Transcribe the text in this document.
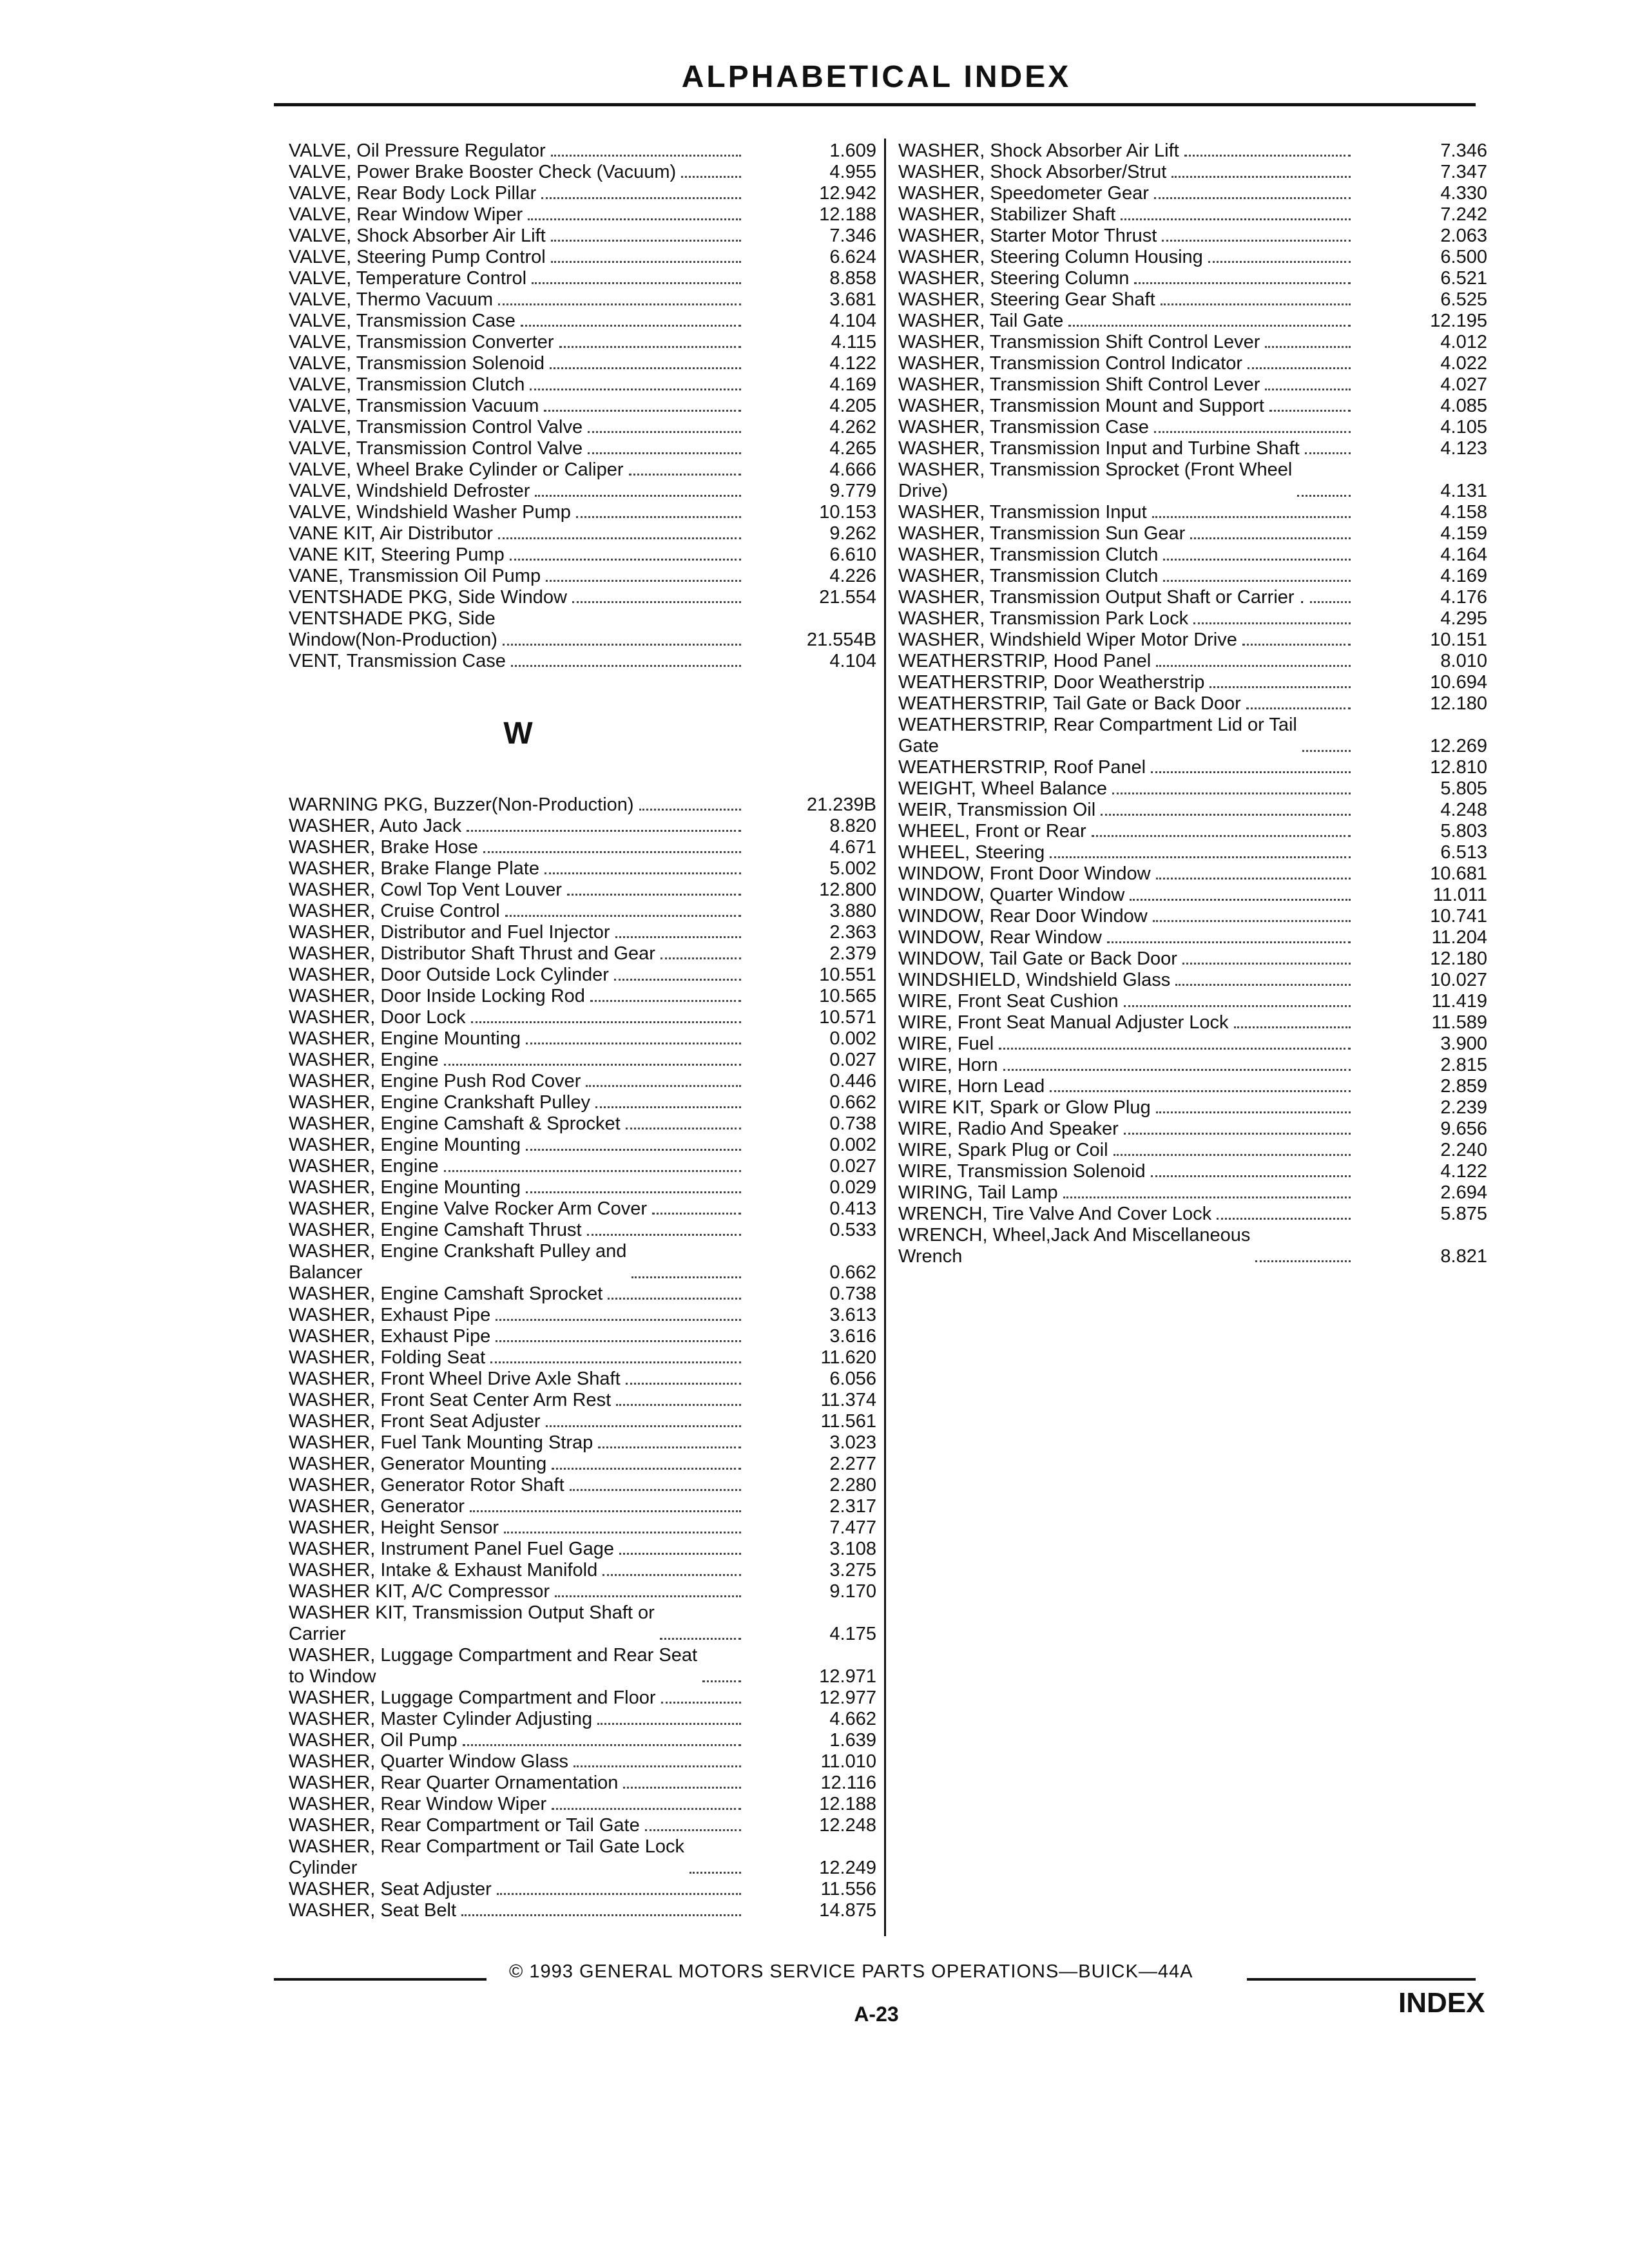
ALPHABETICAL INDEX
VALVE, Oil Pressure Regulator	1.609
VALVE, Power Brake Booster Check (Vacuum)	4.955
VALVE, Rear Body Lock Pillar	12.942
VALVE, Rear Window Wiper	12.188
VALVE, Shock Absorber Air Lift	7.346
VALVE, Steering Pump Control	6.624
VALVE, Temperature Control	8.858
VALVE, Thermo Vacuum	3.681
VALVE, Transmission Case	4.104
VALVE, Transmission Converter	4.115
VALVE, Transmission Solenoid	4.122
VALVE, Transmission Clutch	4.169
VALVE, Transmission Vacuum	4.205
VALVE, Transmission Control Valve	4.262
VALVE, Transmission Control Valve	4.265
VALVE, Wheel Brake Cylinder or Caliper	4.666
VALVE, Windshield Defroster	9.779
VALVE, Windshield Washer Pump	10.153
VANE KIT, Air Distributor	9.262
VANE KIT, Steering Pump	6.610
VANE, Transmission Oil Pump	4.226
VENTSHADE PKG, Side Window	21.554
VENTSHADE PKG, Side
Window(Non-Production)	21.554B
VENT, Transmission Case	4.104
W
WARNING PKG, Buzzer(Non-Production)	21.239B
WASHER, Auto Jack	8.820
WASHER, Brake Hose	4.671
WASHER, Brake Flange Plate	5.002
WASHER, Cowl Top Vent Louver	12.800
WASHER, Cruise Control	3.880
WASHER, Distributor and Fuel Injector	2.363
WASHER, Distributor Shaft Thrust and Gear	2.379
WASHER, Door Outside Lock Cylinder	10.551
WASHER, Door Inside Locking Rod	10.565
WASHER, Door Lock	10.571
WASHER, Engine Mounting	0.002
WASHER, Engine	0.027
WASHER, Engine Push Rod Cover	0.446
WASHER, Engine Crankshaft Pulley	0.662
WASHER, Engine Camshaft & Sprocket	0.738
WASHER, Engine Mounting	0.002
WASHER, Engine	0.027
WASHER, Engine Mounting	0.029
WASHER, Engine Valve Rocker Arm Cover	0.413
WASHER, Engine Camshaft Thrust	0.533
WASHER, Engine Crankshaft Pulley and
Balancer	0.662
WASHER, Engine Camshaft Sprocket	0.738
WASHER, Exhaust Pipe	3.613
WASHER, Exhaust Pipe	3.616
WASHER, Folding Seat	11.620
WASHER, Front Wheel Drive Axle Shaft	6.056
WASHER, Front Seat Center Arm Rest	11.374
WASHER, Front Seat Adjuster	11.561
WASHER, Fuel Tank Mounting Strap	3.023
WASHER, Generator Mounting	2.277
WASHER, Generator Rotor Shaft	2.280
WASHER, Generator	2.317
WASHER, Height Sensor	7.477
WASHER, Instrument Panel Fuel Gage	3.108
WASHER, Intake & Exhaust Manifold	3.275
WASHER KIT, A/C Compressor	9.170
WASHER KIT, Transmission Output Shaft or
Carrier	4.175
WASHER, Luggage Compartment and Rear Seat
to Window	12.971
WASHER, Luggage Compartment and Floor	12.977
WASHER, Master Cylinder Adjusting	4.662
WASHER, Oil Pump	1.639
WASHER, Quarter Window Glass	11.010
WASHER, Rear Quarter Ornamentation	12.116
WASHER, Rear Window Wiper	12.188
WASHER, Rear Compartment or Tail Gate	12.248
WASHER, Rear Compartment or Tail Gate Lock
Cylinder	12.249
WASHER, Seat Adjuster	11.556
WASHER, Seat Belt	14.875
WASHER, Shock Absorber Air Lift	7.346
WASHER, Shock Absorber/Strut	7.347
WASHER, Speedometer Gear	4.330
WASHER, Stabilizer Shaft	7.242
WASHER, Starter Motor Thrust	2.063
WASHER, Steering Column Housing	6.500
WASHER, Steering Column	6.521
WASHER, Steering Gear Shaft	6.525
WASHER, Tail Gate	12.195
WASHER, Transmission Shift Control Lever	4.012
WASHER, Transmission Control Indicator	4.022
WASHER, Transmission Shift Control Lever	4.027
WASHER, Transmission Mount and Support	4.085
WASHER, Transmission Case	4.105
WASHER, Transmission Input and Turbine Shaft	4.123
WASHER, Transmission Sprocket (Front Wheel
Drive)	4.131
WASHER, Transmission Input	4.158
WASHER, Transmission Sun Gear	4.159
WASHER, Transmission Clutch	4.164
WASHER, Transmission Clutch	4.169
WASHER, Transmission Output Shaft or Carrier .	4.176
WASHER, Transmission Park Lock	4.295
WASHER, Windshield Wiper Motor Drive	10.151
WEATHERSTRIP, Hood Panel	8.010
WEATHERSTRIP, Door Weatherstrip	10.694
WEATHERSTRIP, Tail Gate or Back Door	12.180
WEATHERSTRIP, Rear Compartment Lid or Tail
Gate	12.269
WEATHERSTRIP, Roof Panel	12.810
WEIGHT, Wheel Balance	5.805
WEIR, Transmission Oil	4.248
WHEEL, Front or Rear	5.803
WHEEL, Steering	6.513
WINDOW, Front Door Window	10.681
WINDOW, Quarter Window	11.011
WINDOW, Rear Door Window	10.741
WINDOW, Rear Window	11.204
WINDOW, Tail Gate or Back Door	12.180
WINDSHIELD, Windshield Glass	10.027
WIRE, Front Seat Cushion	11.419
WIRE, Front Seat Manual Adjuster Lock	11.589
WIRE, Fuel	3.900
WIRE, Horn	2.815
WIRE, Horn Lead	2.859
WIRE KIT, Spark or Glow Plug	2.239
WIRE, Radio And Speaker	9.656
WIRE, Spark Plug or Coil	2.240
WIRE, Transmission Solenoid	4.122
WIRING, Tail Lamp	2.694
WRENCH, Tire Valve And Cover Lock	5.875
WRENCH, Wheel,Jack And Miscellaneous
Wrench	8.821
© 1993 GENERAL MOTORS SERVICE PARTS OPERATIONS—BUICK—44A
A-23	INDEX
